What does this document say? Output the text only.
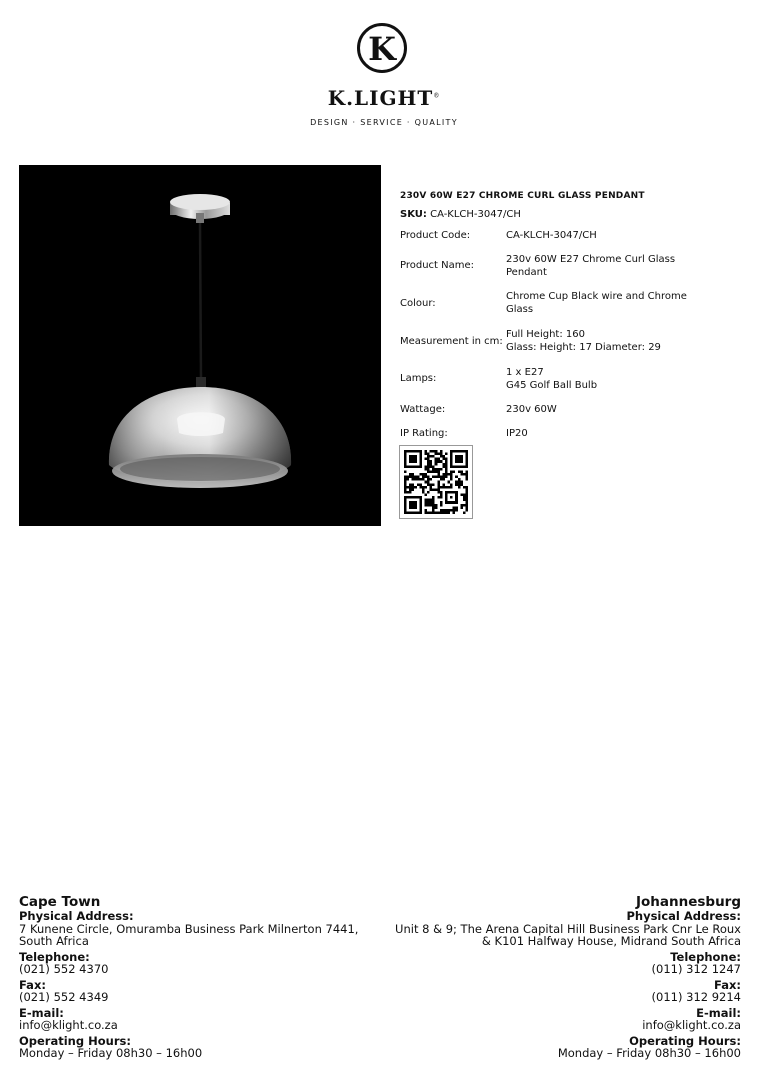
K
K.LIGHT®
DESIGN · SERVICE · QUALITY
230V 60W E27 CHROME CURL GLASS PENDANT
SKU: CA-KLCH-3047/CH
Product Code:	CA-KLCH-3047/CH
Product Name:
230v 60W E27 Chrome Curl Glass
Pendant
Colour:
Chrome Cup Black wire and Chrome
Glass
Measurement in cm:
Full Height: 160
Glass: Height: 17 Diameter: 29
Lamps:
1 x E27
G45 Golf Ball Bulb
Wattage:	230v 60W
IP Rating:	IP20
Cape Town
Physical Address:
7 Kunene Circle, Omuramba Business Park Milnerton 7441,
South Africa
Telephone:
(021) 552 4370
Fax:
(021) 552 4349
E-mail:
info@klight.co.za
Operating Hours:
Monday – Friday 08h30 – 16h00
Johannesburg
Physical Address:
Unit 8 & 9; The Arena Capital Hill Business Park Cnr Le Roux
& K101 Halfway House, Midrand South Africa
Telephone:
(011) 312 1247
Fax:
(011) 312 9214
E-mail:
info@klight.co.za
Operating Hours:
Monday – Friday 08h30 – 16h00
